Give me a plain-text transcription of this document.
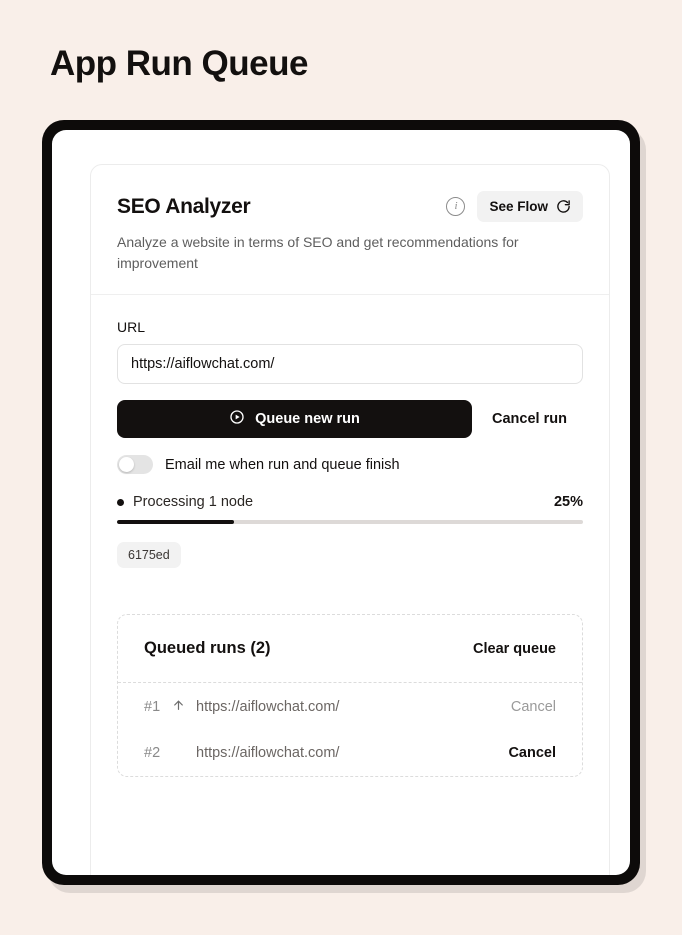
App Run Queue
SEO Analyzer	i	See Flow
Analyze a website in terms of SEO and get recommendations for improvement
URL
https://aiflowchat.com/
Queue new run	Cancel run
Email me when run and queue finish
Processing 1 node	25%
6175ed
Queued runs (2)	Clear queue
#1	https://aiflowchat.com/	Cancel
#2	https://aiflowchat.com/	Cancel
